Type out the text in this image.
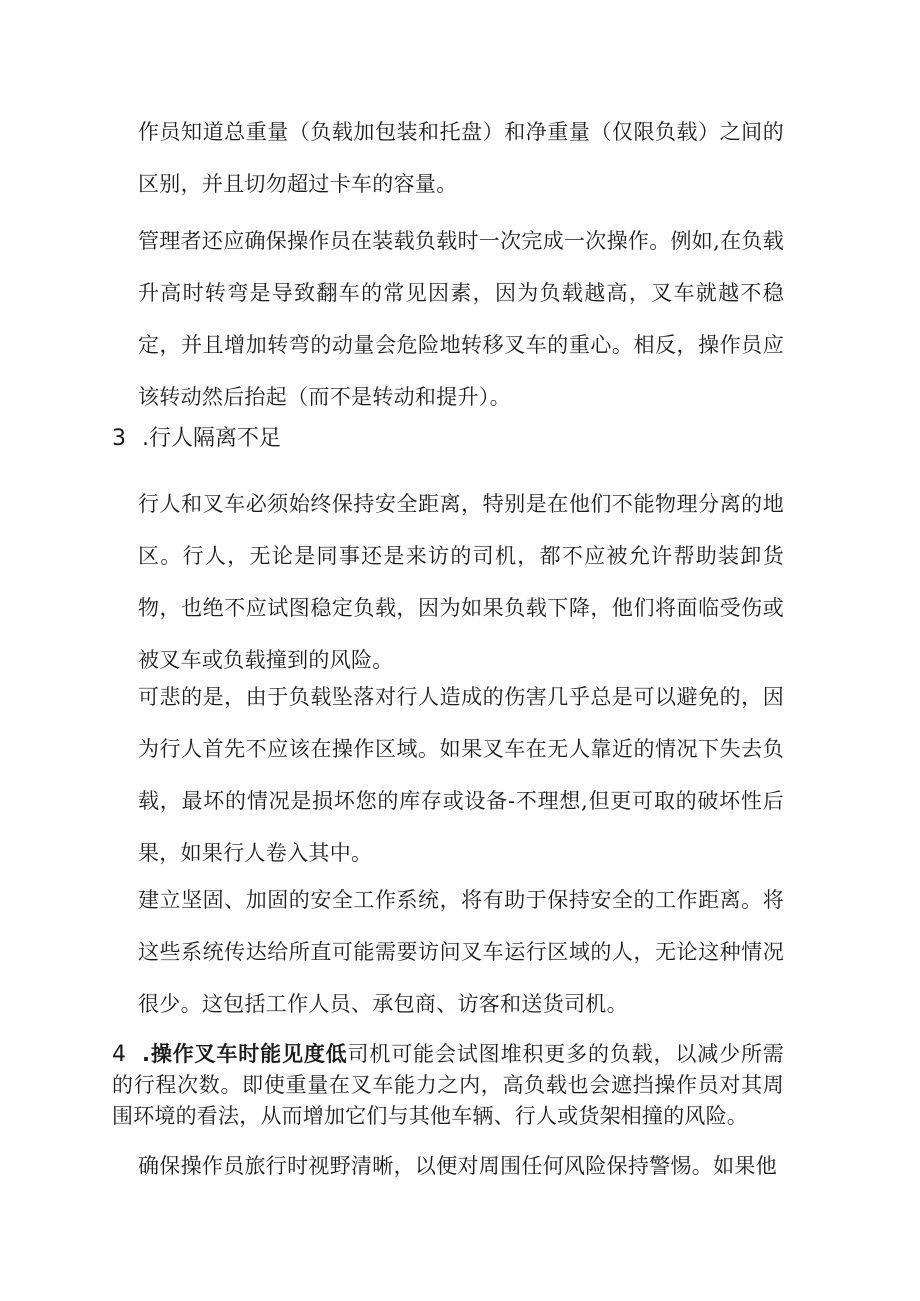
作员知道总重量（负载加包装和托盘）和净重量（仅限负载）之间的区别，并且切勿超过卡车的容量。

管理者还应确保操作员在装载负载时一次完成一次操作。例如,在负载升高时转弯是导致翻车的常见因素，因为负载越高，叉车就越不稳定，并且增加转弯的动量会危险地转移叉车的重心。相反，操作员应该转动然后抬起（而不是转动和提升）。

3 .行人隔离不足

行人和叉车必须始终保持安全距离，特别是在他们不能物理分离的地区。行人，无论是同事还是来访的司机，都不应被允许帮助装卸货物，也绝不应试图稳定负载，因为如果负载下降，他们将面临受伤或被叉车或负载撞到的风险。

可悲的是，由于负载坠落对行人造成的伤害几乎总是可以避免的，因为行人首先不应该在操作区域。如果叉车在无人靠近的情况下失去负载，最坏的情况是损坏您的库存或设备-不理想,但更可取的破坏性后果，如果行人卷入其中。

建立坚固、加固的安全工作系统，将有助于保持安全的工作距离。将这些系统传达给所直可能需要访问叉车运行区域的人，无论这种情况很少。这包括工作人员、承包商、访客和送货司机。

4 .操作叉车时能见度低司机可能会试图堆积更多的负载，以减少所需的行程次数。即使重量在叉车能力之内，高负载也会遮挡操作员对其周围环境的看法，从而增加它们与其他车辆、行人或货架相撞的风险。

确保操作员旅行时视野清晰，以便对周围任何风险保持警惕。如果他
